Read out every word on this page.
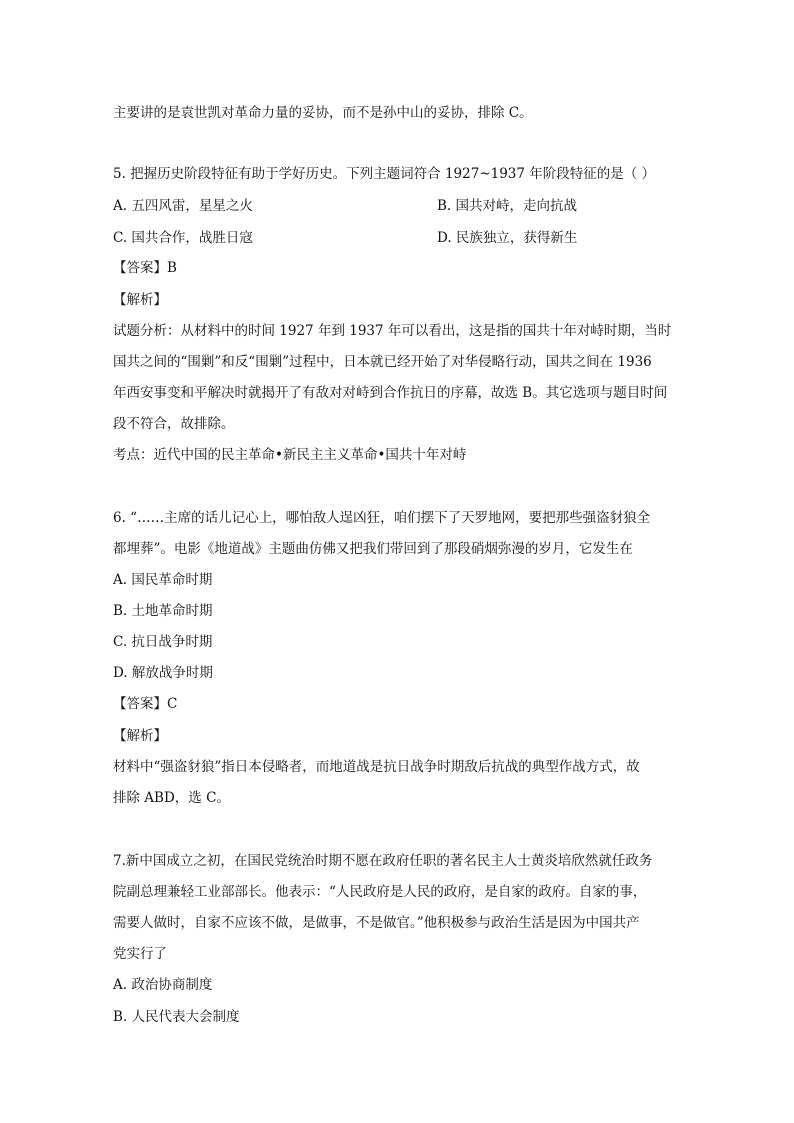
主要讲的是袁世凯对革命力量的妥协，而不是孙中山的妥协，排除 C。
5. 把握历史阶段特征有助于学好历史。下列主题词符合 1927~1937 年阶段特征的是（ ）
A. 五四风雷，星星之火	B. 国共对峙，走向抗战
C. 国共合作，战胜日寇	D. 民族独立，获得新生
【答案】B
【解析】
试题分析：从材料中的时间 1927 年到 1937 年可以看出，这是指的国共十年对峙时期，当时
国共之间的“围剿”和反“围剿”过程中，日本就已经开始了对华侵略行动，国共之间在 1936
年西安事变和平解决时就揭开了有敌对对峙到合作抗日的序幕，故选 B。其它选项与题目时间
段不符合，故排除。
考点：近代中国的民主革命•新民主主义革命•国共十年对峙
6. “……主席的话儿记心上，哪怕敌人逞凶狂，咱们摆下了天罗地网，要把那些强盗豺狼全
都埋葬”。电影《地道战》主题曲仿佛又把我们带回到了那段硝烟弥漫的岁月，它发生在
A. 国民革命时期
B. 土地革命时期
C. 抗日战争时期
D. 解放战争时期
【答案】C
【解析】
材料中“强盗豺狼”指日本侵略者，而地道战是抗日战争时期敌后抗战的典型作战方式，故
排除 ABD，选 C。
7.新中国成立之初，在国民党统治时期不愿在政府任职的著名民主人士黄炎培欣然就任政务
院副总理兼轻工业部部长。他表示：“人民政府是人民的政府，是自家的政府。自家的事，
需要人做时，自家不应该不做，是做事，不是做官。”他积极参与政治生活是因为中国共产
党实行了
A. 政治协商制度
B. 人民代表大会制度
